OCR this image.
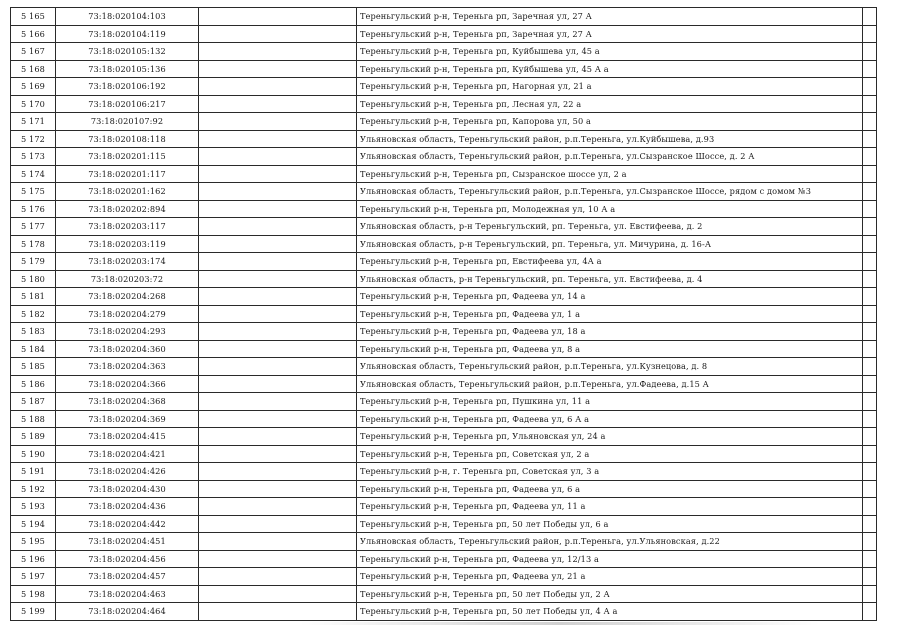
5 165	73:18:020104:103		Тереньгульский р-н, Тереньга рп, Заречная ул, 27 А	
5 166	73:18:020104:119		Тереньгульский р-н, Тереньга рп, Заречная ул, 27 А	
5 167	73:18:020105:132		Тереньгульский р-н, Тереньга рп, Куйбышева ул, 45 а	
5 168	73:18:020105:136		Тереньгульский р-н, Тереньга рп, Куйбышева ул, 45 А а	
5 169	73:18:020106:192		Тереньгульский р-н, Тереньга рп, Нагорная ул, 21 а	
5 170	73:18:020106:217		Тереньгульский р-н, Тереньга рп, Лесная ул, 22 а	
5 171	73:18:020107:92		Тереньгульский р-н, Тереньга рп, Капорова ул, 50 а	
5 172	73:18:020108:118		Ульяновская область, Тереньгульский район, р.п.Тереньга, ул.Куйбышева, д.93	
5 173	73:18:020201:115		Ульяновская область, Тереньгульский район, р.п.Тереньга, ул.Сызранское Шоссе, д. 2 А	
5 174	73:18:020201:117		Тереньгульский р-н, Тереньга рп, Сызранское шоссе ул, 2 а	
5 175	73:18:020201:162		Ульяновская область, Тереньгульский район, р.п.Тереньга, ул.Сызранское Шоссе, рядом с домом №3	
5 176	73:18:020202:894		Тереньгульский р-н, Тереньга рп, Молодежная ул, 10 А а	
5 177	73:18:020203:117		Ульяновская область, р-н Тереньгульский, рп. Тереньга, ул. Евстифеева, д. 2	
5 178	73:18:020203:119		Ульяновская область, р-н Тереньгульский, рп. Тереньга, ул. Мичурина, д. 16-А	
5 179	73:18:020203:174		Тереньгульский р-н, Тереньга рп, Евстифеева ул, 4А а	
5 180	73:18:020203:72		Ульяновская область, р-н Тереньгульский, рп. Тереньга, ул. Евстифеева, д. 4	
5 181	73:18:020204:268		Тереньгульский р-н, Тереньга рп, Фадеева ул, 14 а	
5 182	73:18:020204:279		Тереньгульский р-н, Тереньга рп, Фадеева ул, 1 а	
5 183	73:18:020204:293		Тереньгульский р-н, Тереньга рп, Фадеева ул, 18 а	
5 184	73:18:020204:360		Тереньгульский р-н, Тереньга рп, Фадеева ул, 8 а	
5 185	73:18:020204:363		Ульяновская область, Тереньгульский район, р.п.Тереньга, ул.Кузнецова, д. 8	
5 186	73:18:020204:366		Ульяновская область, Тереньгульский район, р.п.Тереньга, ул.Фадеева, д.15 А	
5 187	73:18:020204:368		Тереньгульский р-н, Тереньга рп, Пушкина ул, 11 а	
5 188	73:18:020204:369		Тереньгульский р-н, Тереньга рп, Фадеева ул, 6 А а	
5 189	73:18:020204:415		Тереньгульский р-н, Тереньга рп, Ульяновская ул, 24 а	
5 190	73:18:020204:421		Тереньгульский р-н, Тереньга рп, Советская ул, 2 а	
5 191	73:18:020204:426		Тереньгульский р-н, г. Тереньга рп, Советская ул, 3 а	
5 192	73:18:020204:430		Тереньгульский р-н, Тереньга рп, Фадеева ул, 6 а	
5 193	73:18:020204:436		Тереньгульский р-н, Тереньга рп, Фадеева ул, 11 а	
5 194	73:18:020204:442		Тереньгульский р-н, Тереньга рп, 50 лет Победы ул, 6 а	
5 195	73:18:020204:451		Ульяновская область, Тереньгульский район, р.п.Тереньга, ул.Ульяновская, д.22	
5 196	73:18:020204:456		Тереньгульский р-н, Тереньга рп, Фадеева ул, 12/13 а	
5 197	73:18:020204:457		Тереньгульский р-н, Тереньга рп, Фадеева ул, 21 а	
5 198	73:18:020204:463		Тереньгульский р-н, Тереньга рп, 50 лет Победы ул, 2 А	
5 199	73:18:020204:464		Тереньгульский р-н, Тереньга рп, 50 лет Победы ул, 4 А а	
